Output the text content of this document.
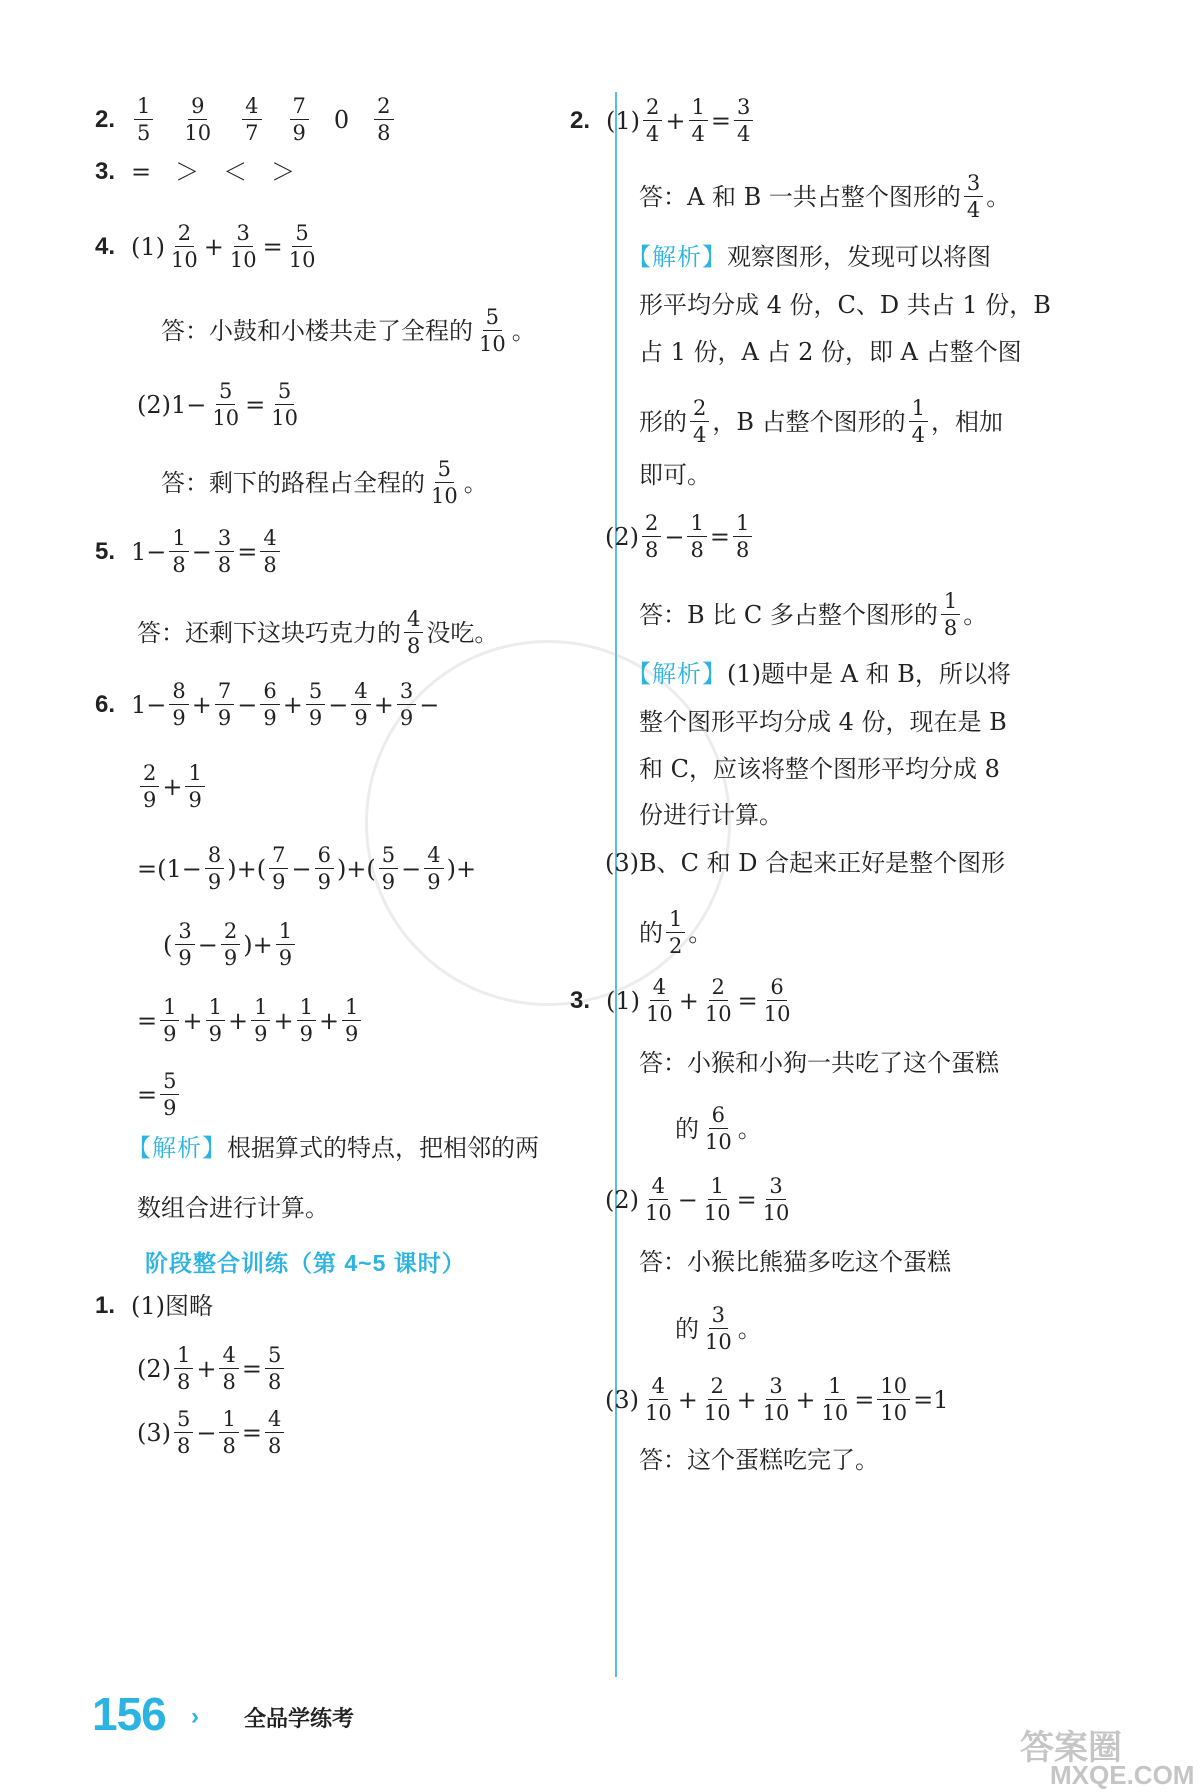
2. $\frac{1}{5} \frac{9}{10} \frac{4}{7} \frac{7}{9} 0 \frac{2}{8}$
3. =　＞　＜　＞
4. $(1) \frac{2}{10} + \frac{3}{10} = \frac{5}{10}$
答：小鼓和小楼共走了全程的 $\frac{5}{10}$ 。
$(2)1- \frac{5}{10} = \frac{5}{10}$
答：剩下的路程占全程的 $\frac{5}{10}$ 。
5. $1- \frac{1}{8} - \frac{3}{8} = \frac{4}{8}$
答：还剩下这块巧克力的 $\frac{4}{8}$ 没吃。
6. $1- \frac{8}{9} + \frac{7}{9} - \frac{6}{9} + \frac{5}{9} - \frac{4}{9} + \frac{3}{9}$ −
$\frac{2}{9} + \frac{1}{9}$
$=(1- \frac{8}{9}$ )+( $\frac{7}{9} - \frac{6}{9}$ )+( $\frac{5}{9} - \frac{4}{9}$ )+
( $\frac{3}{9} - \frac{2}{9}$ )+ $\frac{1}{9}$
= $\frac{1}{9} + \frac{1}{9} + \frac{1}{9} + \frac{1}{9} + \frac{1}{9}$
= $\frac{5}{9}$
【解析】 根据算式的特点，把相邻的两
数组合进行计算。
阶段整合训练（第 4~5 课时）
1. (1)图略
$(2) \frac{1}{8} + \frac{4}{8} = \frac{5}{8}$
$(3) \frac{5}{8} - \frac{1}{8} = \frac{4}{8}$
2. $(1) \frac{2}{4} + \frac{1}{4} = \frac{3}{4}$
答：A 和 B 一共占整个图形的 $\frac{3}{4}$ 。
【解析】 观察图形，发现可以将图
形平均分成 4 份，C、D 共占 1 份，B
占 1 份，A 占 2 份，即 A 占整个图
形的 $\frac{2}{4}$ ，B 占整个图形的 $\frac{1}{4}$ ，相加
即可。
$(2) \frac{2}{8} - \frac{1}{8} = \frac{1}{8}$
答：B 比 C 多占整个图形的 $\frac{1}{8}$ 。
【解析】 (1)题中是 A 和 B，所以将
整个图形平均分成 4 份，现在是 B
和 C，应该将整个图形平均分成 8
份进行计算。
(3)B、C 和 D 合起来正好是整个图形
的 $\frac{1}{2}$ 。
3. $(1) \frac{4}{10} + \frac{2}{10} = \frac{6}{10}$
答：小猴和小狗一共吃了这个蛋糕
的 $\frac{6}{10}$ 。
$(2) \frac{4}{10} - \frac{1}{10} = \frac{3}{10}$
答：小猴比熊猫多吃这个蛋糕
的 $\frac{3}{10}$ 。
$(3) \frac{4}{10} + \frac{2}{10} + \frac{3}{10} + \frac{1}{10} = \frac{10}{10} =1$
答：这个蛋糕吃完了。
156 › 全品学练考
答案圈
MXQE.COM
